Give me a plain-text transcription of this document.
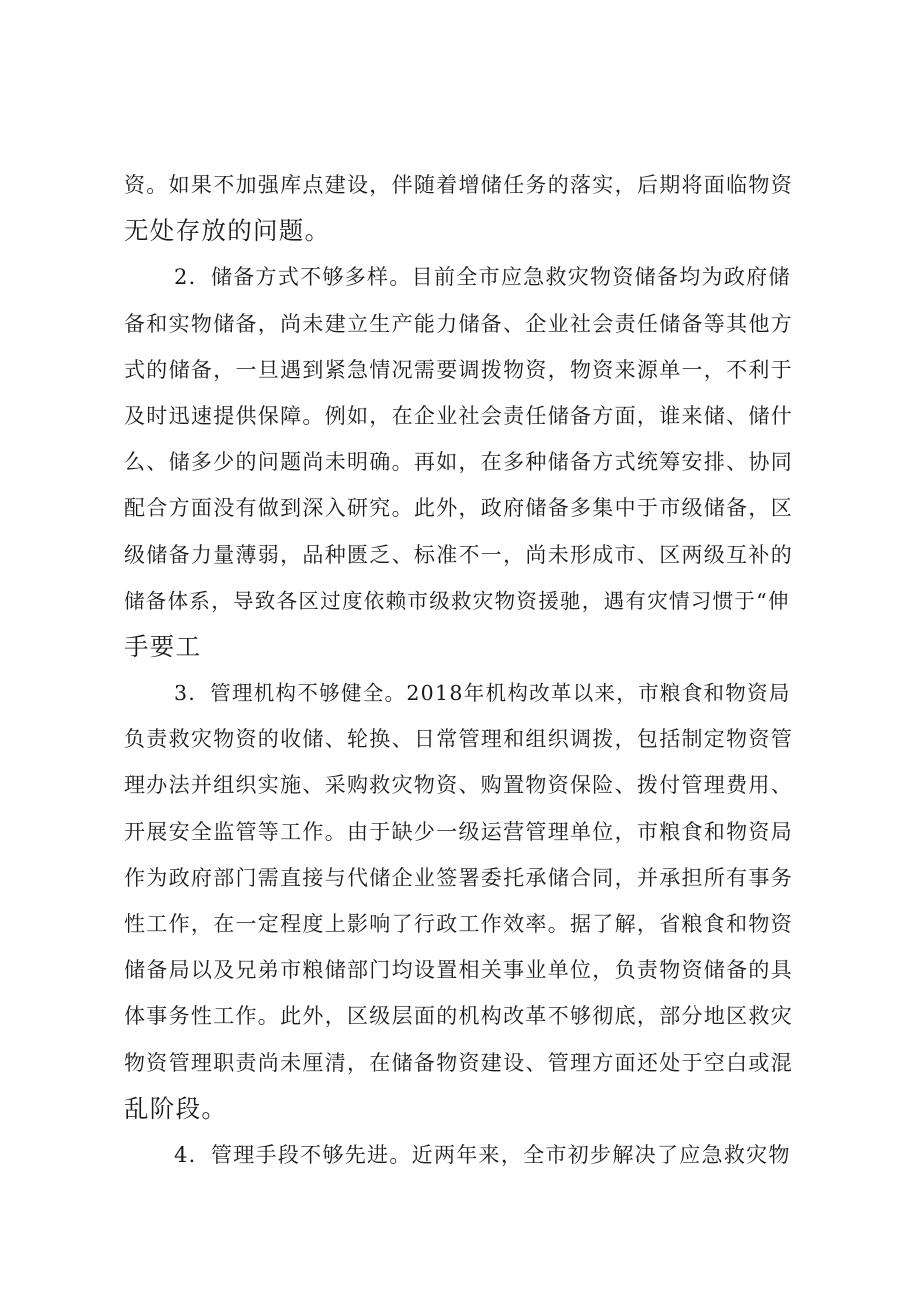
资。如果不加强库点建设，伴随着增储任务的落实，后期将面临物资
无处存放的问题。
2．储备方式不够多样。目前全市应急救灾物资储备均为政府储
备和实物储备，尚未建立生产能力储备、企业社会责任储备等其他方
式的储备，一旦遇到紧急情况需要调拨物资，物资来源单一，不利于
及时迅速提供保障。例如，在企业社会责任储备方面，谁来储、储什
么、储多少的问题尚未明确。再如，在多种储备方式统筹安排、协同
配合方面没有做到深入研究。此外，政府储备多集中于市级储备，区
级储备力量薄弱，品种匮乏、标准不一，尚未形成市、区两级互补的
储备体系，导致各区过度依赖市级救灾物资援驰，遇有灾情习惯于“伸
手要工
3．管理机构不够健全。2018年机构改革以来，市粮食和物资局
负责救灾物资的收储、轮换、日常管理和组织调拨，包括制定物资管
理办法并组织实施、采购救灾物资、购置物资保险、拨付管理费用、
开展安全监管等工作。由于缺少一级运营管理单位，市粮食和物资局
作为政府部门需直接与代储企业签署委托承储合同，并承担所有事务
性工作，在一定程度上影响了行政工作效率。据了解，省粮食和物资
储备局以及兄弟市粮储部门均设置相关事业单位，负责物资储备的具
体事务性工作。此外，区级层面的机构改革不够彻底，部分地区救灾
物资管理职责尚未厘清，在储备物资建设、管理方面还处于空白或混
乱阶段。
4．管理手段不够先进。近两年来，全市初步解决了应急救灾物
